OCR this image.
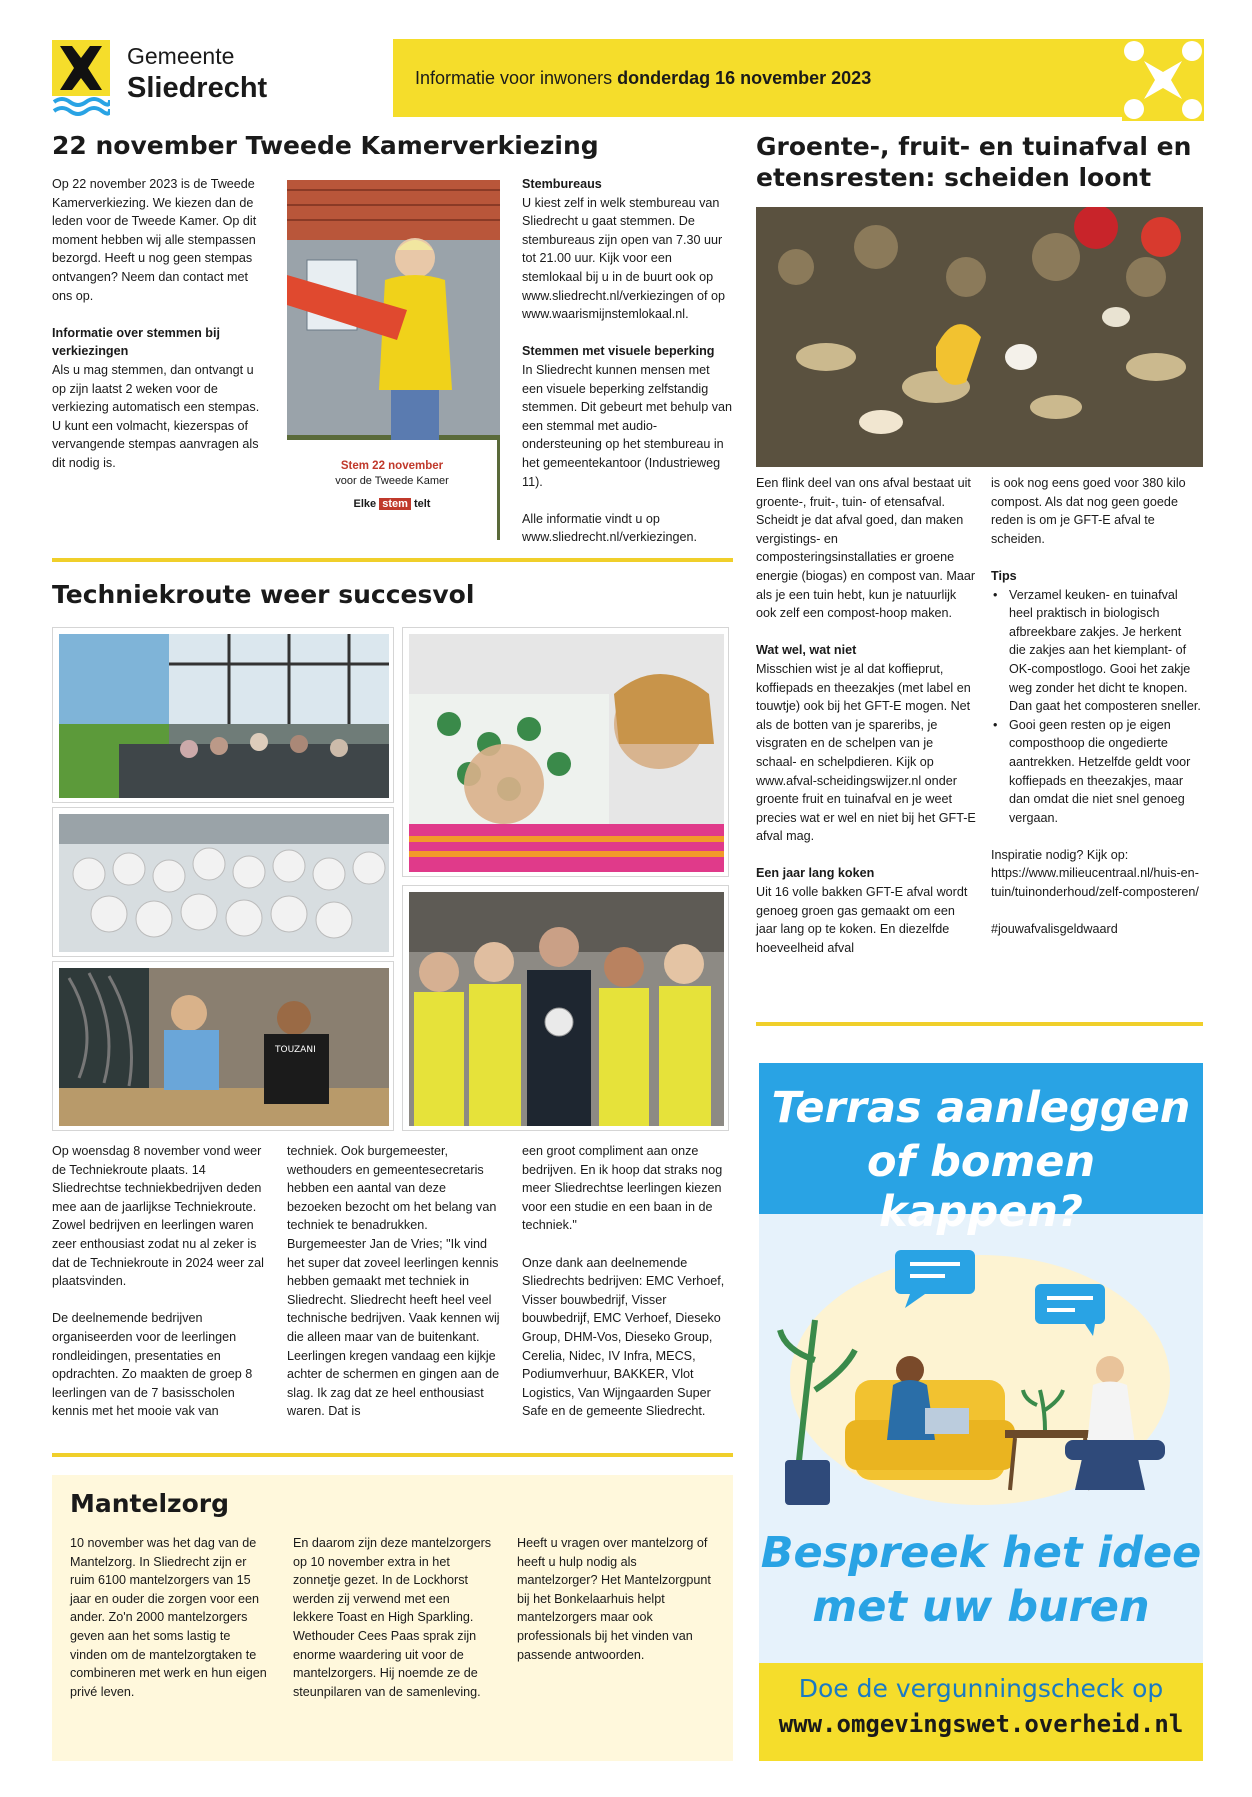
Gemeente
Sliedrecht	Informatie voor inwoners donderdag 16 november 2023
22 november Tweede Kamerverkiezing

Op 22 november 2023 is de Tweede Kamerverkiezing. We kiezen dan de leden voor de Tweede Kamer. Op dit moment hebben wij alle stempassen bezorgd. Heeft u nog geen stempas ontvangen? Neem dan contact met ons op.

Informatie over stemmen bij verkiezingen

Als u mag stemmen, dan ontvangt u op zijn laatst 2 weken voor de verkiezing automatisch een stempas. U kunt een volmacht, kiezerspas of vervangende stempas aanvragen als dit nodig is.	Stem 22 november
voor de Tweede Kamer
Elke stem telt
Stembureaus

U kiest zelf in welk stembureau van Sliedrecht u gaat stemmen. De stembureaus zijn open van 7.30 uur tot 21.00 uur. Kijk voor een stemlokaal bij u in de buurt ook op www.sliedrecht.nl/verkiezingen of op www.waarismijnstemlokaal.nl.

Stemmen met visuele beperking

In Sliedrecht kunnen mensen met een visuele beperking zelfstandig stemmen. Dit gebeurt met behulp van een stemmal met audio-ondersteuning op het stembureau in het gemeentekantoor (Industrieweg 11).

Alle informatie vindt u op www.sliedrecht.nl/verkiezingen.

Techniekroute weer succesvol
TOUZANI

Op woensdag 8 november vond weer de Techniekroute plaats. 14 Sliedrechtse techniekbedrijven deden mee aan de jaarlijkse Techniekroute. Zowel bedrijven en leerlingen waren zeer enthousiast zodat nu al zeker is dat de Techniekroute in 2024 weer zal plaatsvinden.

De deelnemende bedrijven organiseerden voor de leerlingen rondleidingen, presentaties en opdrachten. Zo maakten de groep 8 leerlingen van de 7 basisscholen kennis met het mooie vak van

techniek. Ook burgemeester, wethouders en gemeentesecretaris hebben een aantal van deze bezoeken bezocht om het belang van techniek te benadrukken. Burgemeester Jan de Vries; "Ik vind het super dat zoveel leerlingen kennis hebben gemaakt met techniek in Sliedrecht. Sliedrecht heeft heel veel technische bedrijven. Vaak kennen wij die alleen maar van de buitenkant. Leerlingen kregen vandaag een kijkje achter de schermen en gingen aan de slag. Ik zag dat ze heel enthousiast waren. Dat is

een groot compliment aan onze bedrijven. En ik hoop dat straks nog meer Sliedrechtse leerlingen kiezen voor een studie en een baan in de techniek."

Onze dank aan deelnemende Sliedrechts bedrijven: EMC Verhoef, Visser bouwbedrijf, Visser bouwbedrijf, EMC Verhoef, Dieseko Group, DHM-Vos, Dieseko Group, Cerelia, Nidec, IV Infra, MECS, Podiumverhuur, BAKKER, Vlot Logistics, Van Wijngaarden Super Safe en de gemeente Sliedrecht.

Mantelzorg

10 november was het dag van de Mantelzorg. In Sliedrecht zijn er ruim 6100 mantelzorgers van 15 jaar en ouder die zorgen voor een ander. Zo'n 2000 mantelzorgers geven aan het soms lastig te vinden om de mantelzorgtaken te combineren met werk en hun eigen privé leven.

En daarom zijn deze mantelzorgers op 10 november extra in het zonnetje gezet. In de Lockhorst werden zij verwend met een lekkere Toast en High Sparkling. Wethouder Cees Paas sprak zijn enorme waardering uit voor de mantelzorgers. Hij noemde ze de steunpilaren van de samenleving.

Heeft u vragen over mantelzorg of heeft u hulp nodig als mantelzorger? Het Mantelzorgpunt bij het Bonkelaarhuis helpt mantelzorgers maar ook professionals bij het vinden van passende antwoorden.

Groente-, fruit- en tuinafval en
etensresten: scheiden loont

Een flink deel van ons afval bestaat uit groente-, fruit-, tuin- of etensafval. Scheidt je dat afval goed, dan maken vergistings- en composteringsinstallaties er groene energie (biogas) en compost van. Maar als je een tuin hebt, kun je natuurlijk ook zelf een compost-hoop maken.

Wat wel, wat niet

Misschien wist je al dat koffieprut, koffiepads en theezakjes (met label en touwtje) ook bij het GFT-E mogen. Net als de botten van je spareribs, je visgraten en de schelpen van je schaal- en schelpdieren. Kijk op www.afval-scheidingswijzer.nl onder groente fruit en tuinafval en je weet precies wat er wel en niet bij het GFT-E afval mag.

Een jaar lang koken

Uit 16 volle bakken GFT-E afval wordt genoeg groen gas gemaakt om een jaar lang op te koken. En diezelfde hoeveelheid afval

is ook nog eens goed voor 380 kilo compost. Als dat nog geen goede reden is om je GFT-E afval te scheiden.

Tips
• Verzamel keuken- en tuinafval heel praktisch in biologisch afbreekbare zakjes. Je herkent die zakjes aan het kiemplant- of OK-compostlogo. Gooi het zakje weg zonder het dicht te knopen. Dan gaat het composteren sneller.
• Gooi geen resten op je eigen composthoop die ongedierte aantrekken. Hetzelfde geldt voor koffiepads en theezakjes, maar dan omdat die niet snel genoeg vergaan.

Inspiratie nodig? Kijk op: https://www.milieucentraal.nl/huis-en-tuin/tuinonderhoud/zelf-composteren/

#jouwafvalisgeldwaard

Terras aanleggen
of bomen kappen?
Bespreek het idee
met uw buren
Doe de vergunningscheck op
www.omgevingswet.overheid.nl
